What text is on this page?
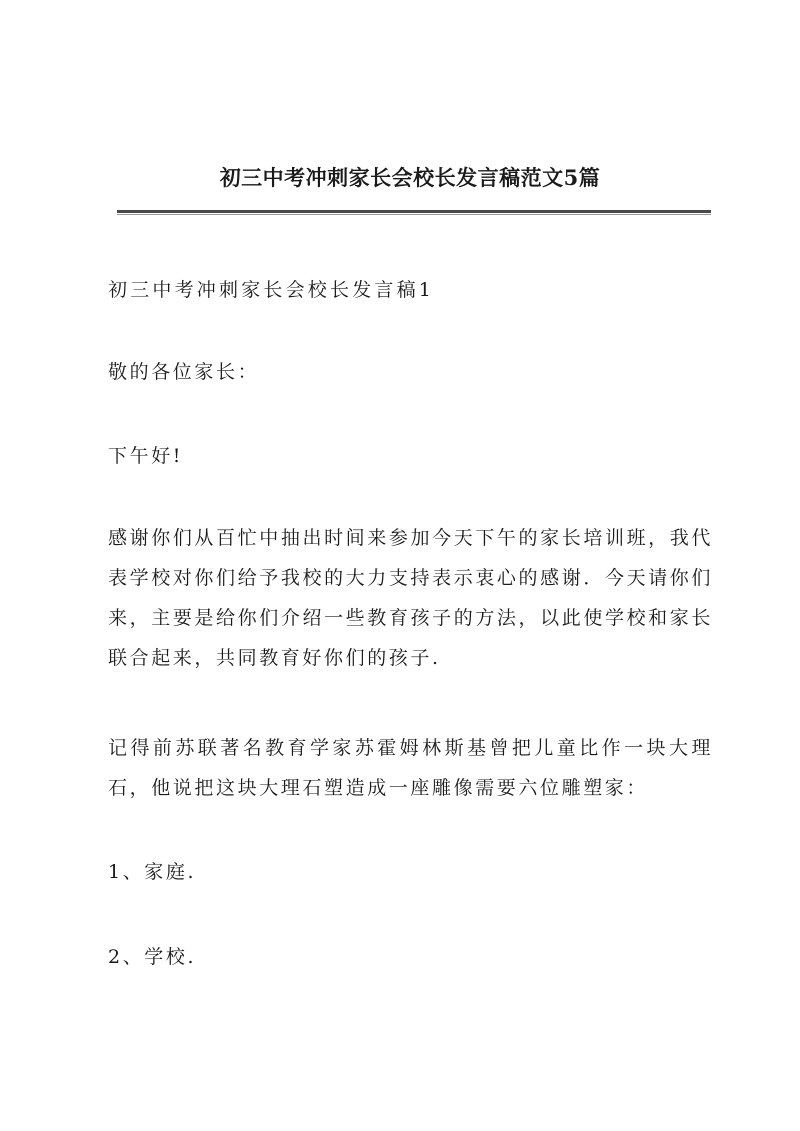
初三中考冲刺家长会校长发言稿范文5篇

初三中考冲刺家长会校长发言稿1

敬的各位家长：

下午好!

感谢你们从百忙中抽出时间来参加今天下午的家长培训班，我代表学校对你们给予我校的大力支持表示衷心的感谢．今天请你们来，主要是给你们介绍一些教育孩子的方法，以此使学校和家长联合起来，共同教育好你们的孩子.

记得前苏联著名教育学家苏霍姆林斯基曾把儿童比作一块大理石，他说把这块大理石塑造成一座雕像需要六位雕塑家：

1、家庭.

2、学校.
